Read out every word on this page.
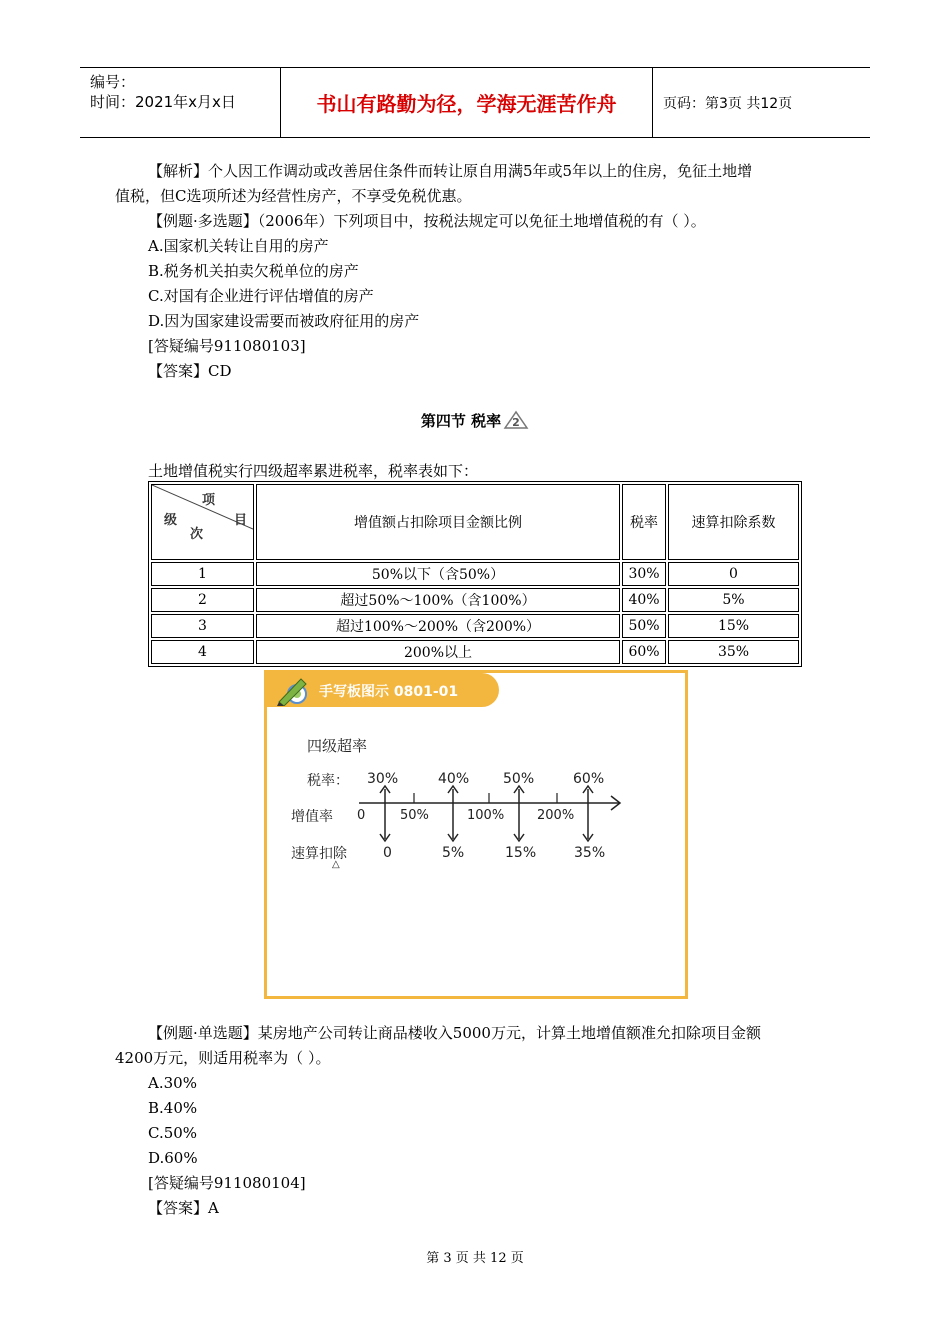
编号：
时间：2021年x月x日	书山有路勤为径，学海无涯苦作舟	页码：第3页 共12页
【解析】个人因工作调动或改善居住条件而转让原自用满5年或5年以上的住房，免征土地增
值税，但C选项所述为经营性房产，不享受免税优惠。
【例题·多选题】（2006年）下列项目中，按税法规定可以免征土地增值税的有（ ）。
A.国家机关转让自用的房产
B.税务机关拍卖欠税单位的房产
C.对国有企业进行评估增值的房产
D.因为国家建设需要而被政府征用的房产
[答疑编号911080103]
【答案】CD
第四节 税率 2
土地增值税实行四级超率累进税率，税率表如下：
项
目
级
次	增值额占扣除项目金额比例	税率	速算扣除系数
1	50%以下（含50%）	30%	0
2	超过50%～100%（含100%）	40%	5%
3	超过100%～200%（含200%）	50%	15%
4	200%以上	60%	35%
手写板图示 0801-01
四级超率
税率： 30%	40% 50%	60%
增值率 0	50%	100%	200%
速算扣除
△
0	5%	15%	35%
【例题·单选题】某房地产公司转让商品楼收入5000万元，计算土地增值额准允扣除项目金额
4200万元，则适用税率为（ ）。
A.30%
B.40%
C.50%
D.60%
[答疑编号911080104]
【答案】A
第 3 页 共 12 页
